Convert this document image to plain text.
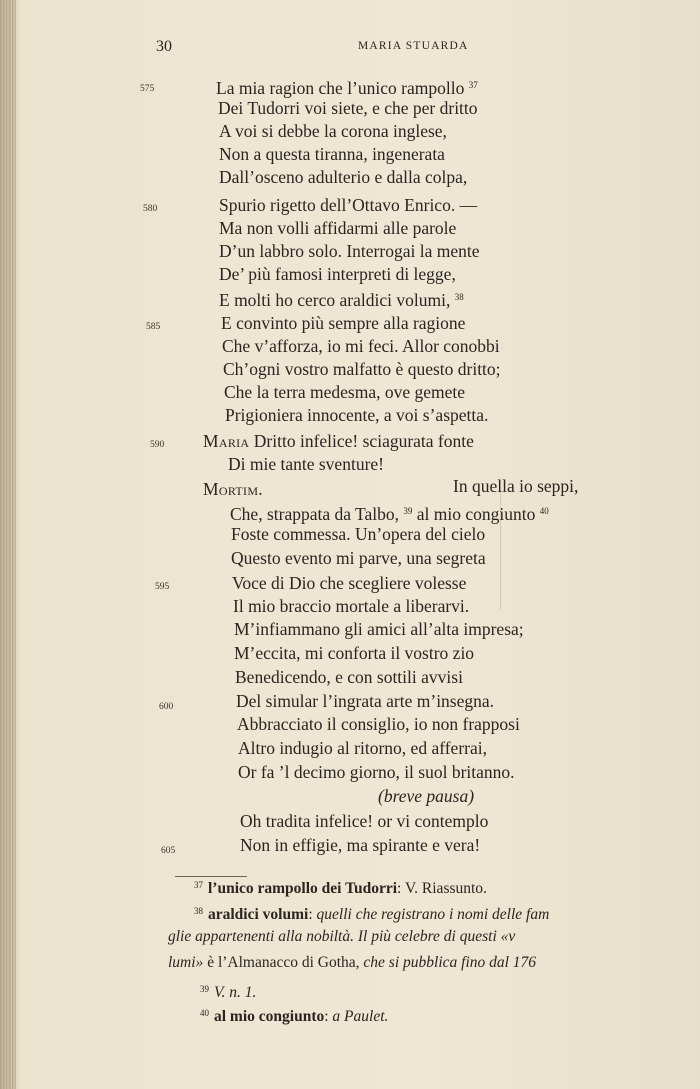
30	MARIA STUARDA
575	La mia ragion che l’unico rampollo $^{37}$
Dei Tudorri voi siete, e che per dritto
A voi si debbe la corona inglese,
Non a questa tiranna, ingenerata
Dall’osceno adulterio e dalla colpa,
580	Spurio rigetto dell’Ottavo Enrico. —
Ma non volli affidarmi alle parole
D’un labbro solo. Interrogai la mente
De’ più famosi interpreti di legge,
E molti ho cerco araldici volumi, $^{38}$
585	E convinto più sempre alla ragione
Che v’afforza, io mi feci. Allor conobbi
Ch’ogni vostro malfatto è questo dritto;
Che la terra medesma, ove gemete
Prigioniera innocente, a voi s’aspetta.
590 Maria Dritto infelice! sciagurata fonte
Di mie tante sventure!
Mortim.	In quella io seppi,
Che, strappata da Talbo, $^{39}$ al mio congiunto $^{40}$
Foste commessa. Un’opera del cielo
Questo evento mi parve, una segreta
595	Voce di Dio che scegliere volesse
Il mio braccio mortale a liberarvi.
M’infiammano gli amici all’alta impresa;
M’eccita, mi conforta il vostro zio
Benedicendo, e con sottili avvisi
600	Del simular l’ingrata arte m’insegna.
Abbracciato il consiglio, io non frapposi
Altro indugio al ritorno, ed afferrai,
Or fa ’l decimo giorno, il suol britanno.
(breve pausa)
Oh tradita infelice! or vi contemplo
605	Non in effigie, ma spirante e vera!
$^{37}$ l’unico rampollo dei Tudorri: V. Riassunto.
$^{38}$ araldici volumi: quelli che registrano i nomi delle fam
glie appartenenti alla nobiltà. Il più celebre di questi «v
lumi» è l’Almanacco di Gotha, che si pubblica fino dal 176
$^{39}$ V. n. 1.
$^{40}$ al mio congiunto: a Paulet.
